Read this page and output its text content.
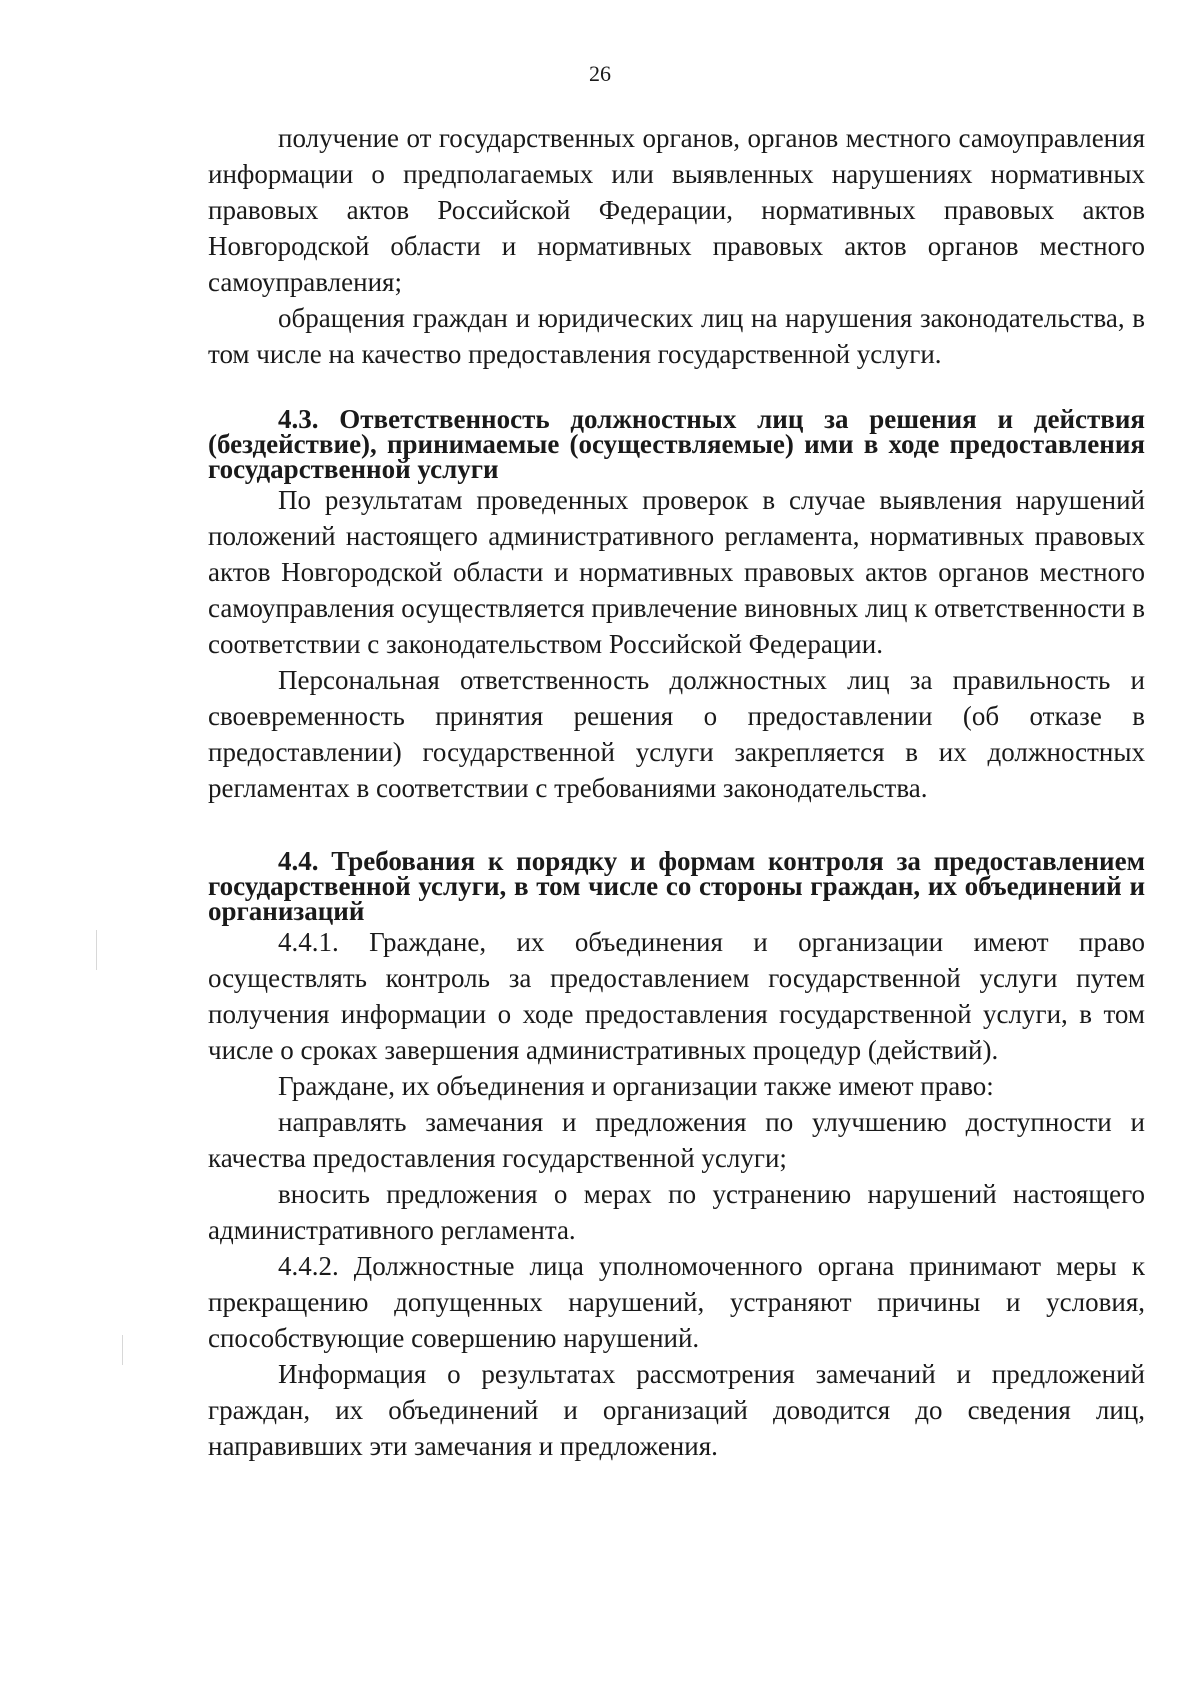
26

получение от государственных органов, органов местного самоуправления информации о предполагаемых или выявленных нарушениях нормативных правовых актов Российской Федерации, нормативных правовых актов Новгородской области и нормативных правовых актов органов местного самоуправления;

обращения граждан и юридических лиц на нарушения законодательства, в том числе на качество предоставления государственной услуги.

4.3. Ответственность должностных лиц за решения и действия (бездействие), принимаемые (осуществляемые) ими в ходе предоставления государственной услуги

По результатам проведенных проверок в случае выявления нарушений положений настоящего административного регламента, нормативных правовых актов Новгородской области и нормативных правовых актов органов местного самоуправления осуществляется привлечение виновных лиц к ответственности в соответствии с законодательством Российской Федерации.

Персональная ответственность должностных лиц за правильность и своевременность принятия решения о предоставлении (об отказе в предоставлении) государственной услуги закрепляется в их должностных регламентах в соответствии с требованиями законодательства.

4.4. Требования к порядку и формам контроля за предоставлением государственной услуги, в том числе со стороны граждан, их объединений и организаций

4.4.1. Граждане, их объединения и организации имеют право осуществлять контроль за предоставлением государственной услуги путем получения информации о ходе предоставления государственной услуги, в том числе о сроках завершения административных процедур (действий).

Граждане, их объединения и организации также имеют право:

направлять замечания и предложения по улучшению доступности и качества предоставления государственной услуги;

вносить предложения о мерах по устранению нарушений настоящего административного регламента.

4.4.2. Должностные лица уполномоченного органа принимают меры к прекращению допущенных нарушений, устраняют причины и условия, способствующие совершению нарушений.

Информация о результатах рассмотрения замечаний и предложений граждан, их объединений и организаций доводится до сведения лиц, направивших эти замечания и предложения.
